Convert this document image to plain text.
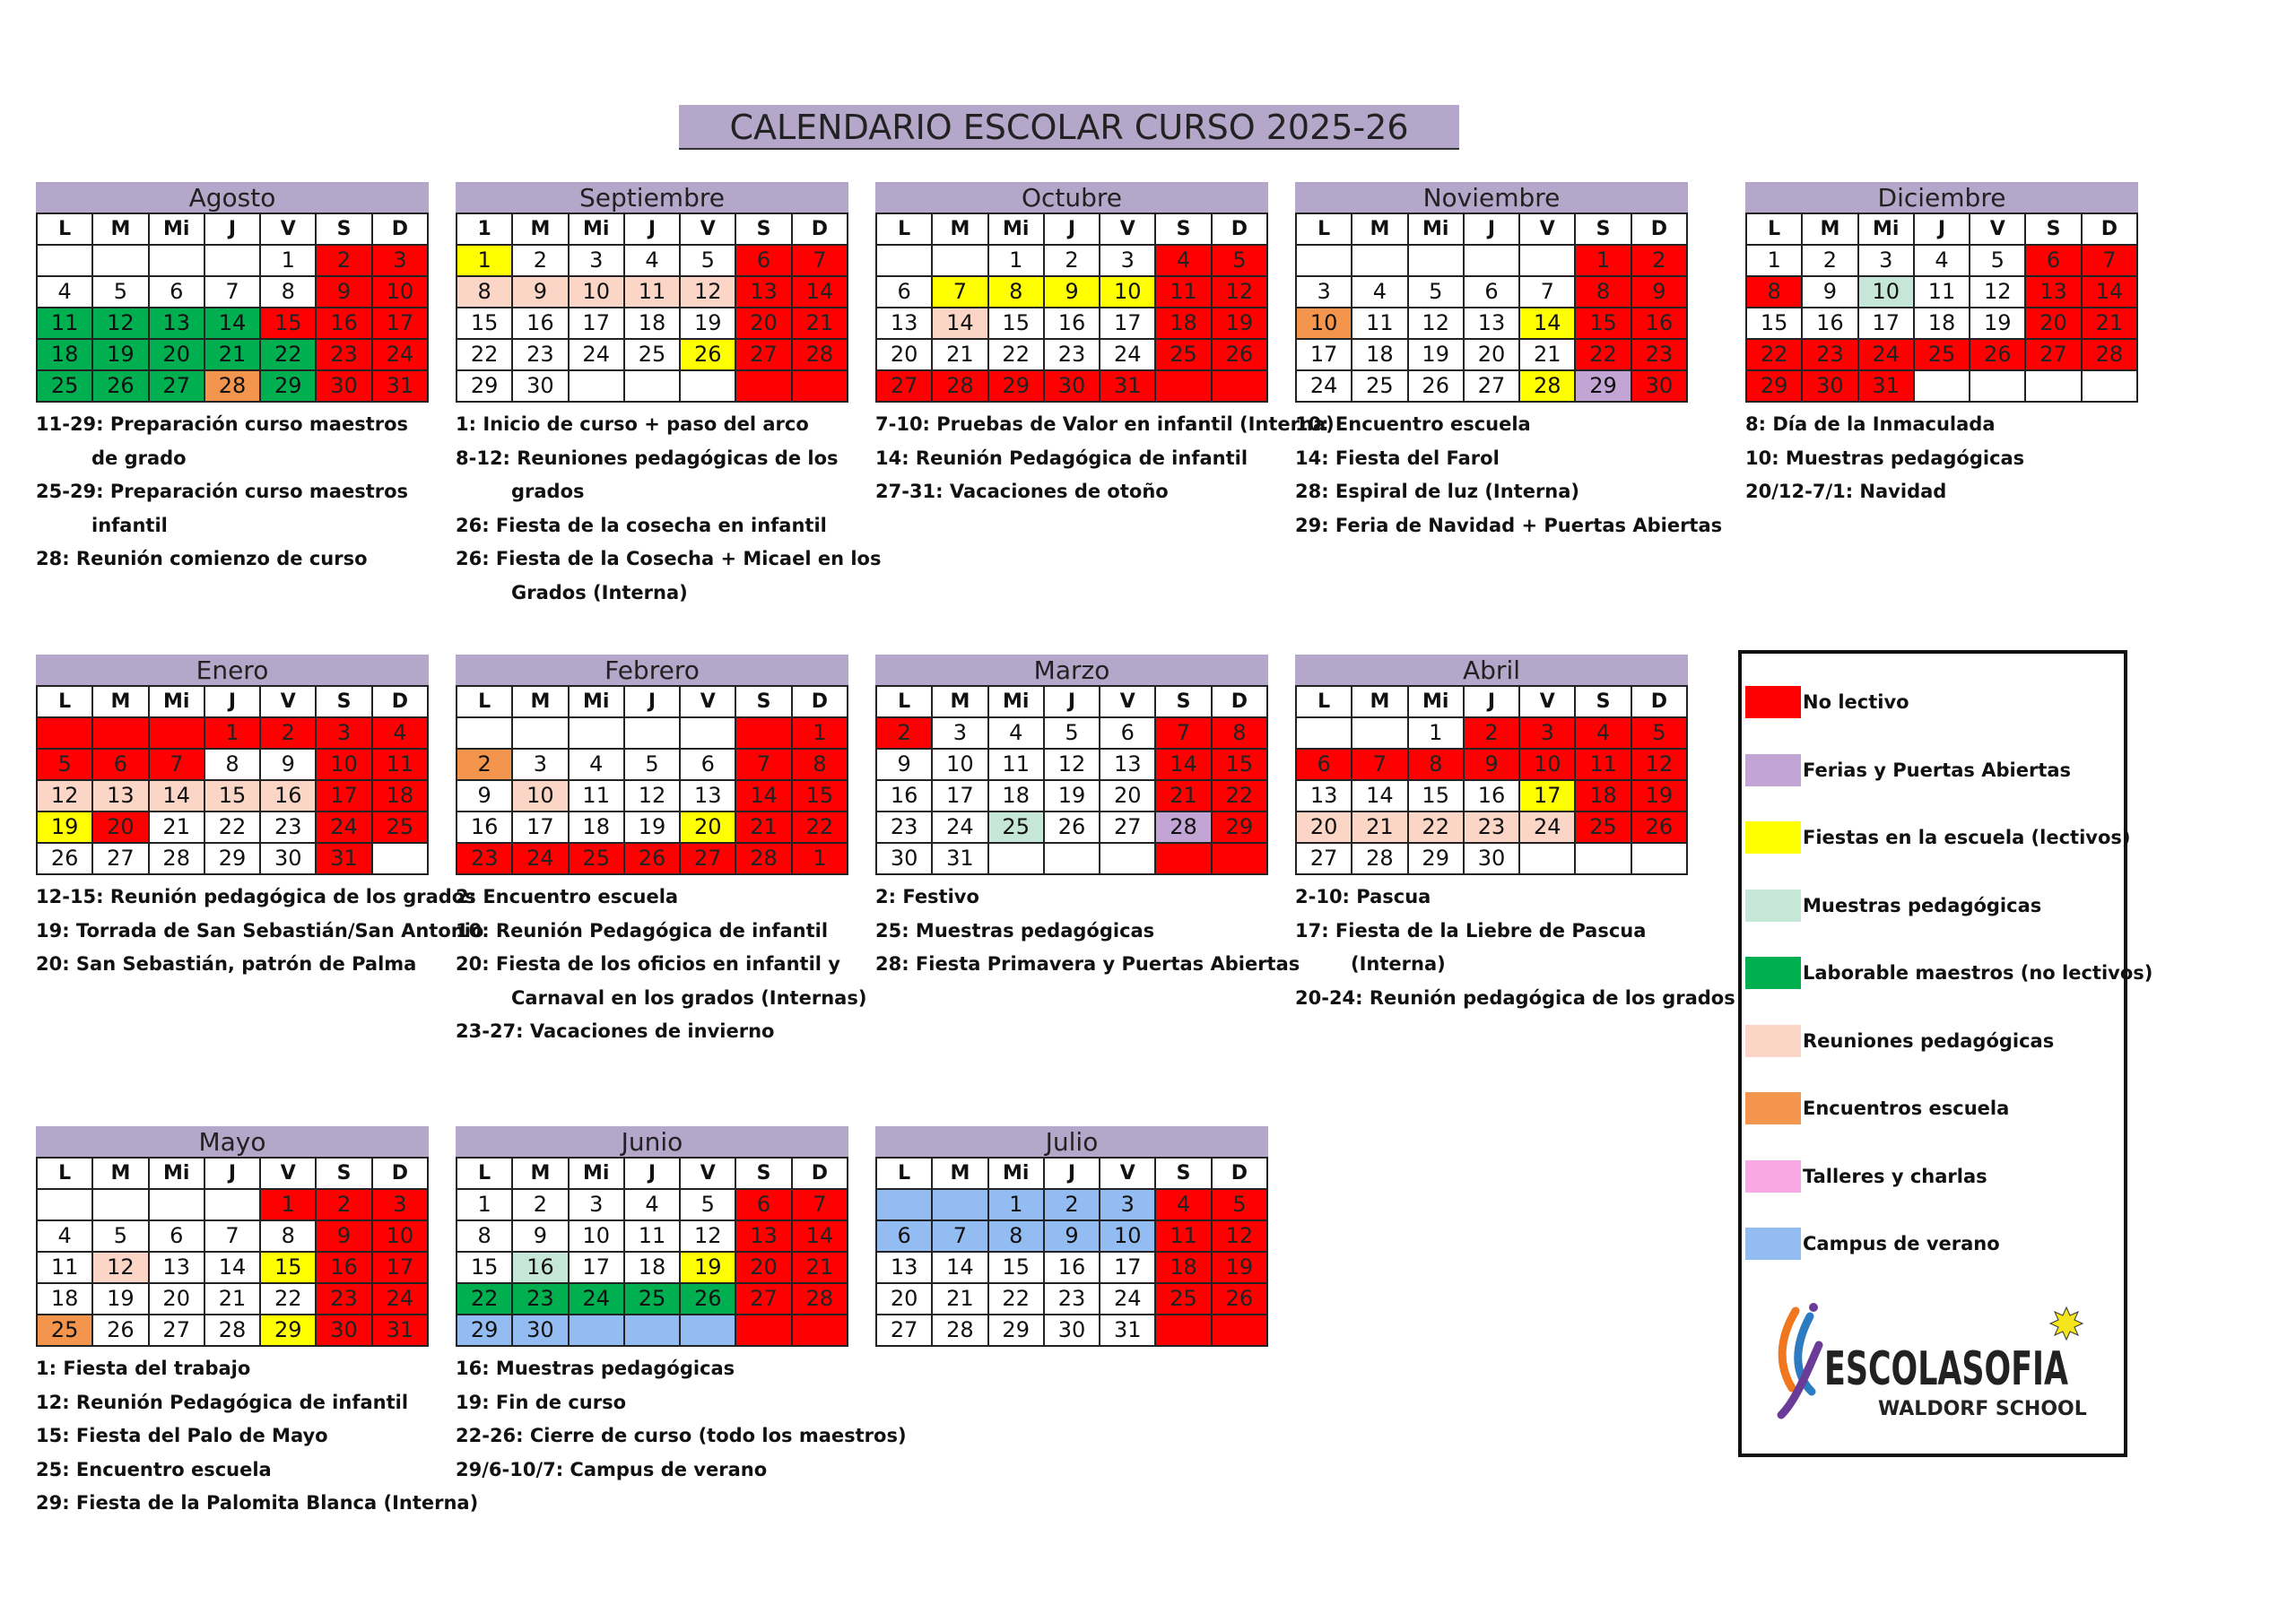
CALENDARIO ESCOLAR CURSO 2025-26
Agosto
L	M	Mi	J	V	S	D
				1	2	3
4	5	6	7	8	9	10
11	12	13	14	15	16	17
18	19	20	21	22	23	24
25	26	27	28	29	30	31
11-29: Preparación curso maestros
de grado
25-29: Preparación curso maestros
infantil
28: Reunión comienzo de curso
Septiembre
1	M	Mi	J	V	S	D
1	2	3	4	5	6	7
8	9	10	11	12	13	14
15	16	17	18	19	20	21
22	23	24	25	26	27	28
29	30					
1: Inicio de curso + paso del arco
8-12: Reuniones pedagógicas de los
grados
26: Fiesta de la cosecha en infantil
26: Fiesta de la Cosecha + Micael en los
Grados (Interna)
Octubre
L	M	Mi	J	V	S	D
		1	2	3	4	5
6	7	8	9	10	11	12
13	14	15	16	17	18	19
20	21	22	23	24	25	26
27	28	29	30	31		
7-10: Pruebas de Valor en infantil (Interna)
14: Reunión Pedagógica de infantil
27-31: Vacaciones de otoño
Noviembre
L	M	Mi	J	V	S	D
					1	2
3	4	5	6	7	8	9
10	11	12	13	14	15	16
17	18	19	20	21	22	23
24	25	26	27	28	29	30
10: Encuentro escuela
14: Fiesta del Farol
28: Espiral de luz (Interna)
29: Feria de Navidad + Puertas Abiertas
Diciembre
L	M	Mi	J	V	S	D
1	2	3	4	5	6	7
8	9	10	11	12	13	14
15	16	17	18	19	20	21
22	23	24	25	26	27	28
29	30	31				
8: Día de la Inmaculada
10: Muestras pedagógicas
20/12-7/1: Navidad
Enero
L	M	Mi	J	V	S	D
			1	2	3	4
5	6	7	8	9	10	11
12	13	14	15	16	17	18
19	20	21	22	23	24	25
26	27	28	29	30	31	
12-15: Reunión pedagógica de los grados
19: Torrada de San Sebastián/San Antonio
20: San Sebastián, patrón de Palma
Febrero
L	M	Mi	J	V	S	D
						1
2	3	4	5	6	7	8
9	10	11	12	13	14	15
16	17	18	19	20	21	22
23	24	25	26	27	28	1
2: Encuentro escuela
10: Reunión Pedagógica de infantil
20: Fiesta de los oficios en infantil y
Carnaval en los grados (Internas)
23-27: Vacaciones de invierno
Marzo
L	M	Mi	J	V	S	D
2	3	4	5	6	7	8
9	10	11	12	13	14	15
16	17	18	19	20	21	22
23	24	25	26	27	28	29
30	31					
2: Festivo
25: Muestras pedagógicas
28: Fiesta Primavera y Puertas Abiertas
Abril
L	M	Mi	J	V	S	D
		1	2	3	4	5
6	7	8	9	10	11	12
13	14	15	16	17	18	19
20	21	22	23	24	25	26
27	28	29	30			
2-10: Pascua
17: Fiesta de la Liebre de Pascua
(Interna)
20-24: Reunión pedagógica de los grados
Mayo
L	M	Mi	J	V	S	D
				1	2	3
4	5	6	7	8	9	10
11	12	13	14	15	16	17
18	19	20	21	22	23	24
25	26	27	28	29	30	31
1: Fiesta del trabajo
12: Reunión Pedagógica de infantil
15: Fiesta del Palo de Mayo
25: Encuentro escuela
29: Fiesta de la Palomita Blanca (Interna)
Junio
L	M	Mi	J	V	S	D
1	2	3	4	5	6	7
8	9	10	11	12	13	14
15	16	17	18	19	20	21
22	23	24	25	26	27	28
29	30					
16: Muestras pedagógicas
19: Fin de curso
22-26: Cierre de curso (todo los maestros)
29/6-10/7: Campus de verano
Julio
L	M	Mi	J	V	S	D
		1	2	3	4	5
6	7	8	9	10	11	12
13	14	15	16	17	18	19
20	21	22	23	24	25	26
27	28	29	30	31		
No lectivo
Ferias y Puertas Abiertas
Fiestas en la escuela (lectivos)
Muestras pedagógicas
Laborable maestros (no lectivos)
Reuniones pedagógicas
Encuentros escuela
Talleres y charlas
Campus de verano
ESCOLASOFIA
WALDORF SCHOOL
